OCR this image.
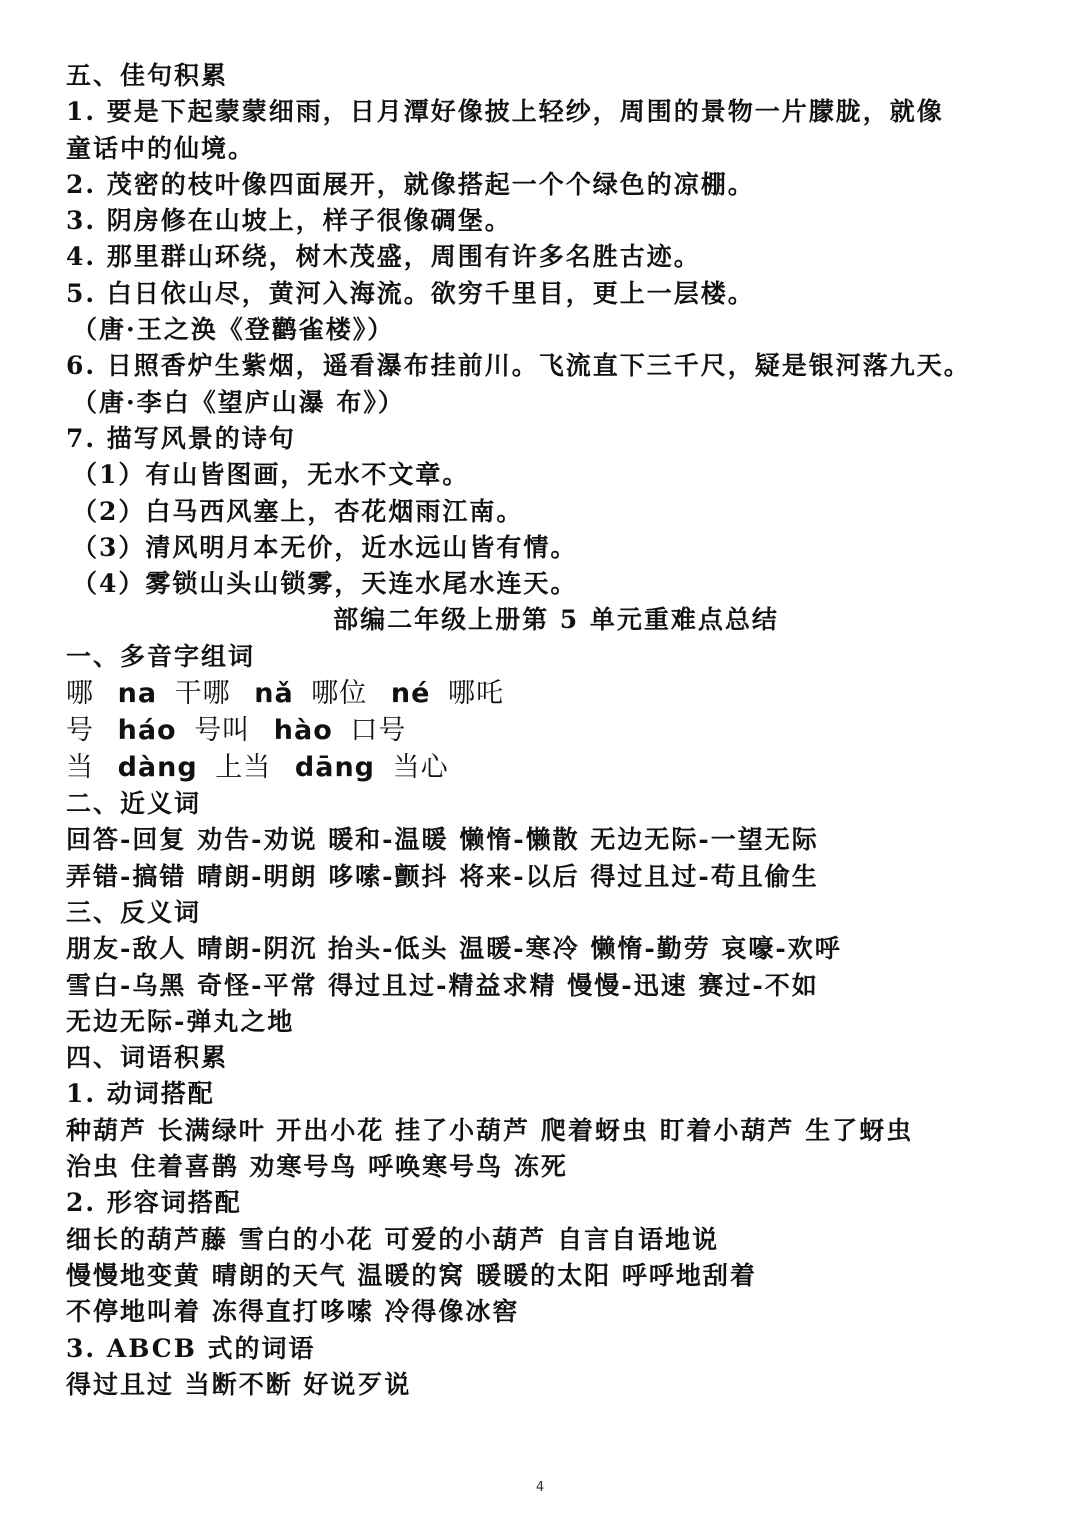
五、佳句积累
1. 要是下起蒙蒙细雨，日月潭好像披上轻纱，周围的景物一片朦胧，就像
童话中的仙境。
2. 茂密的枝叶像四面展开，就像搭起一个个绿色的凉棚。
3. 阴房修在山坡上，样子很像碉堡。
4. 那里群山环绕，树木茂盛，周围有许多名胜古迹。
5. 白日依山尽，黄河入海流。欲穷千里目，更上一层楼。
（唐·王之涣《登鹳雀楼》）
6. 日照香炉生紫烟，遥看瀑布挂前川。飞流直下三千尺，疑是银河落九天。
（唐·李白《望庐山瀑 布》）
7. 描写风景的诗句
（1）有山皆图画，无水不文章。
（2）白马西风塞上，杏花烟雨江南。
（3）清风明月本无价，近水远山皆有情。
（4）雾锁山头山锁雾，天连水尾水连天。
部编二年级上册第 5 单元重难点总结
一、多音字组词
哪 na 干哪 nǎ 哪位 né 哪吒
号 háo 号叫 hào 口号
当 dàng 上当 dāng 当心
二、近义词
回答-回复 劝告-劝说 暖和-温暖 懒惰-懒散 无边无际-一望无际
弄错-搞错 晴朗-明朗 哆嗦-颤抖 将来-以后 得过且过-苟且偷生
三、反义词
朋友-敌人 晴朗-阴沉 抬头-低头 温暖-寒冷 懒惰-勤劳 哀嚎-欢呼
雪白-乌黑 奇怪-平常 得过且过-精益求精 慢慢-迅速 赛过-不如
无边无际-弹丸之地
四、词语积累
1. 动词搭配
种葫芦 长满绿叶 开出小花 挂了小葫芦 爬着蚜虫 盯着小葫芦 生了蚜虫
治虫 住着喜鹊 劝寒号鸟 呼唤寒号鸟 冻死
2. 形容词搭配
细长的葫芦藤 雪白的小花 可爱的小葫芦 自言自语地说
慢慢地变黄 晴朗的天气 温暖的窝 暖暖的太阳 呼呼地刮着
不停地叫着 冻得直打哆嗦 冷得像冰窖
3. ABCB 式的词语
得过且过 当断不断 好说歹说
4
